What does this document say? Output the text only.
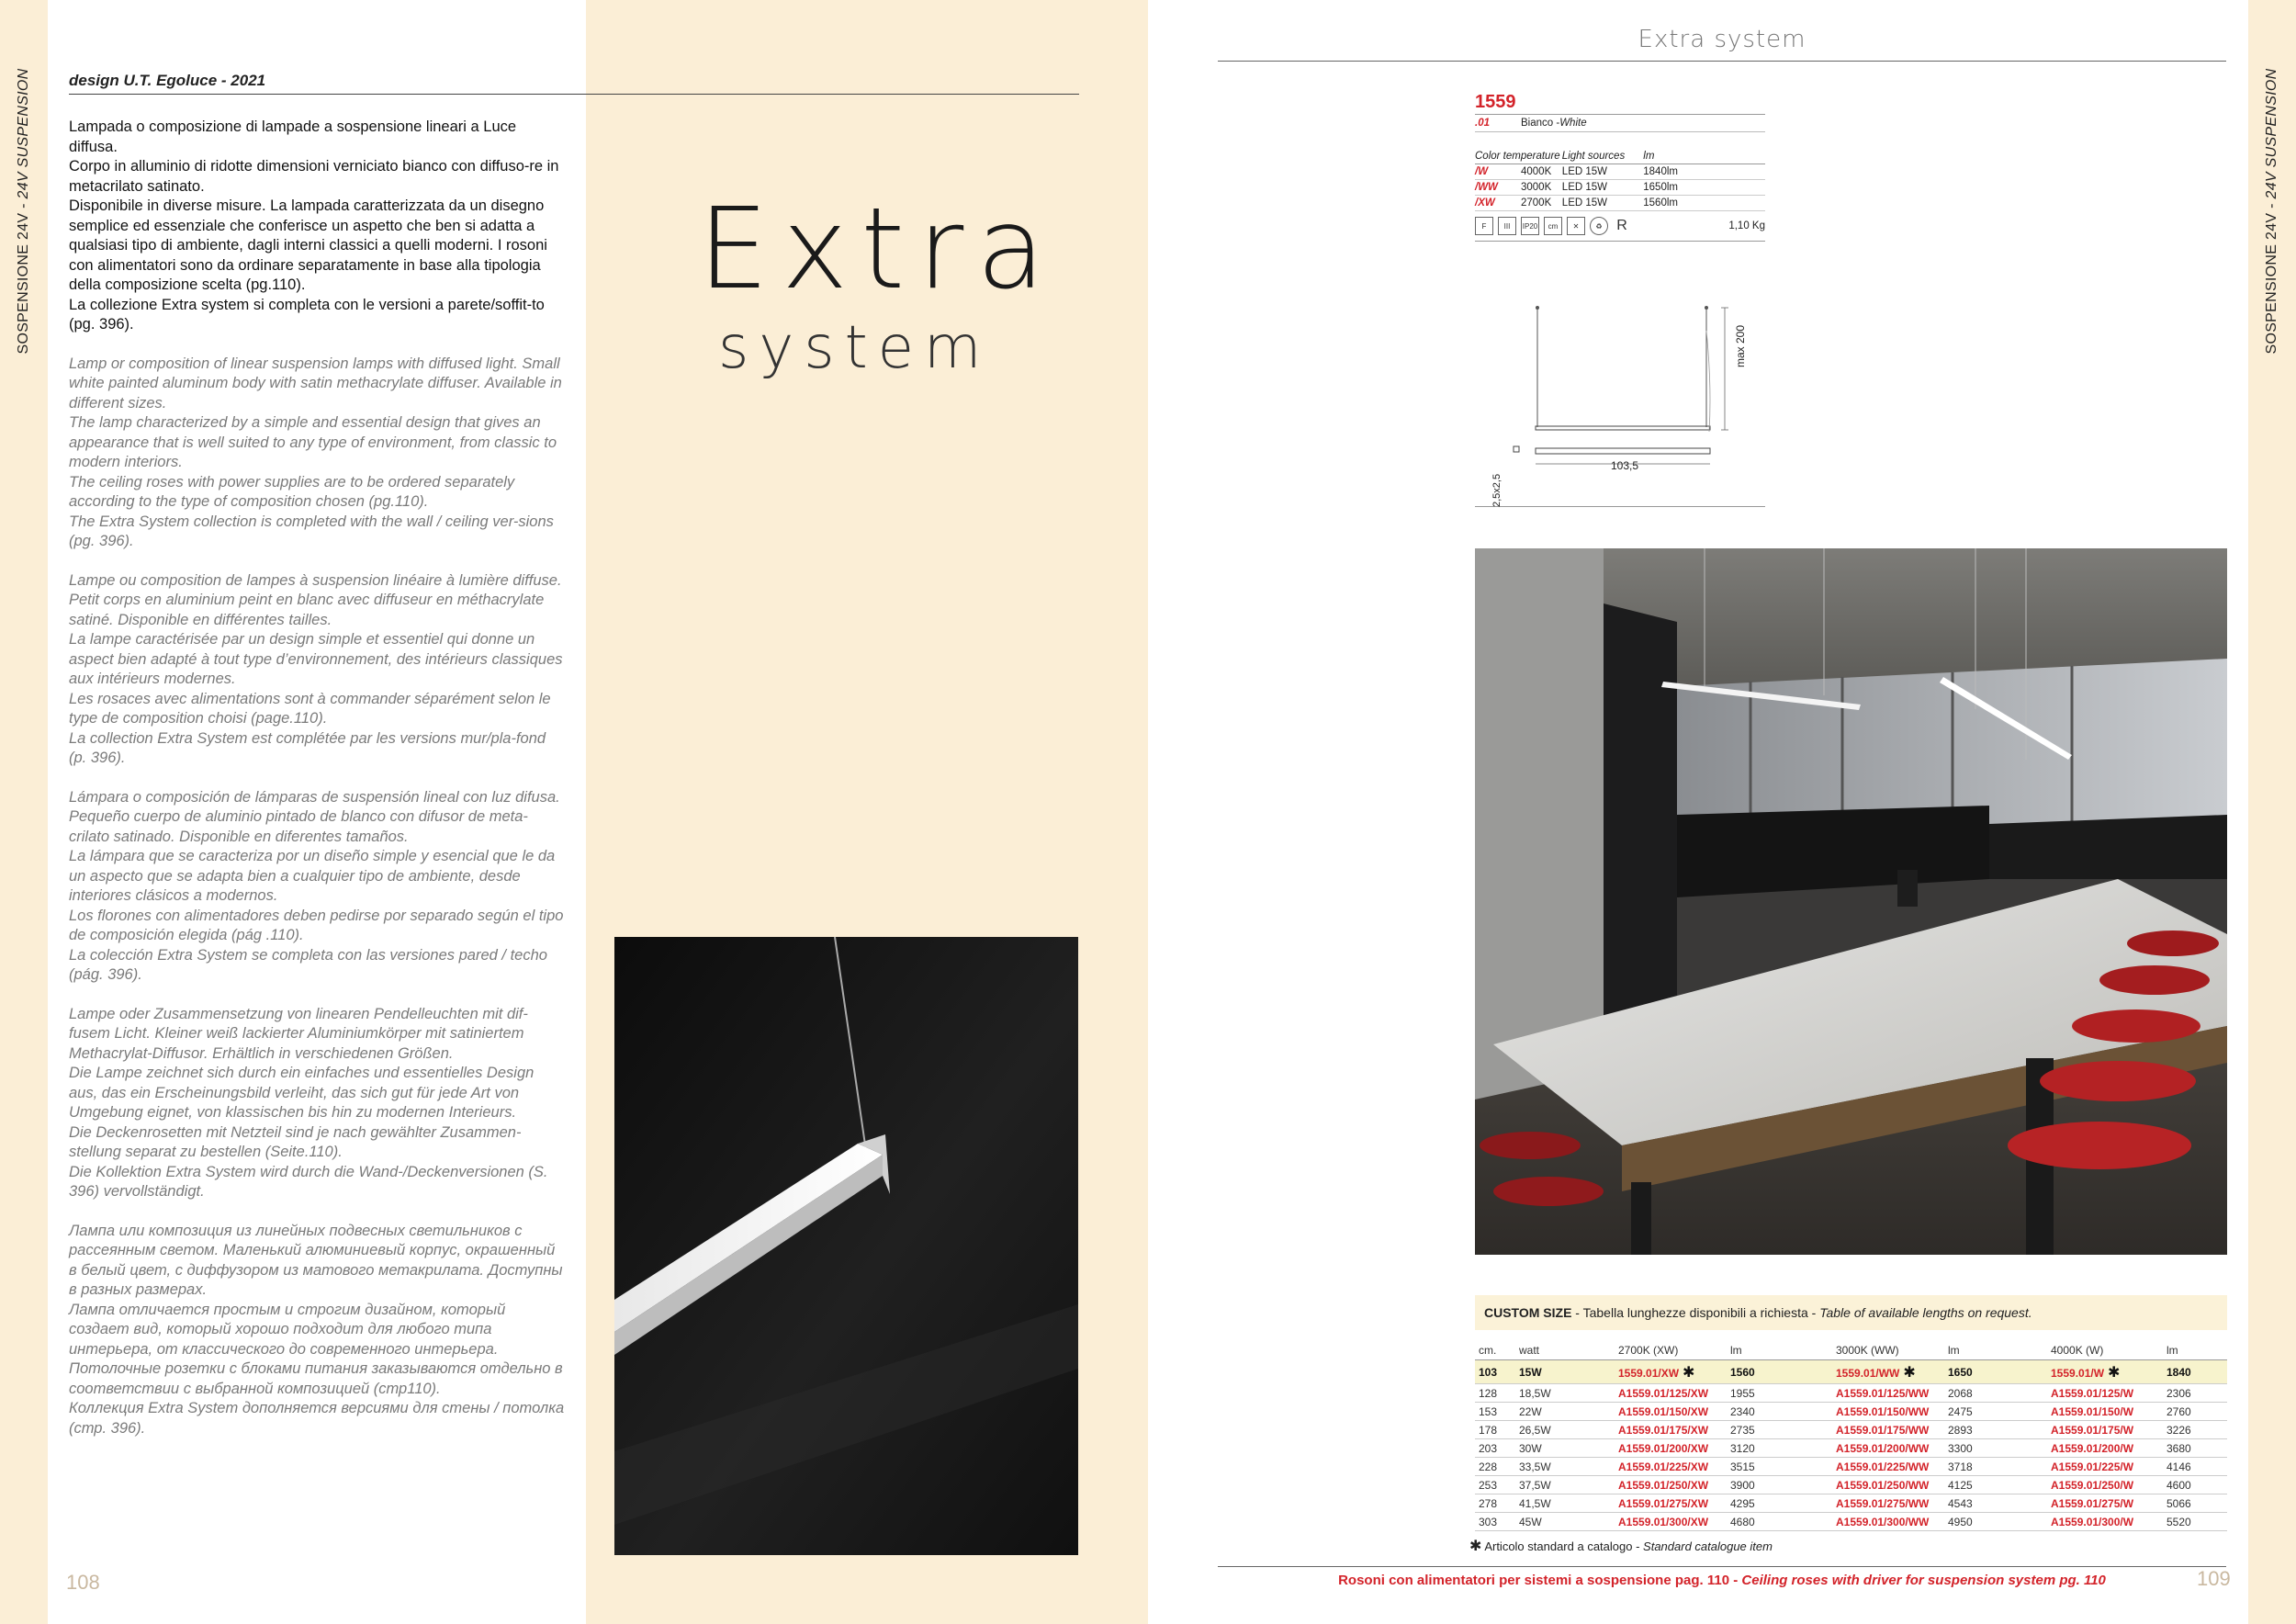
SOSPENSIONE 24V - 24V SUSPENSION
SOSPENSIONE 24V - 24V SUSPENSION
design U.T. Egoluce - 2021

Lampada o composizione di lampade a sospensione lineari a Luce diffusa.
Corpo in alluminio di ridotte dimensioni verniciato bianco con diffuso-re in metacrilato satinato.
Disponibile in diverse misure. La lampada caratterizzata da un disegno semplice ed essenziale che conferisce un aspetto che ben si adatta a qualsiasi tipo di ambiente, dagli interni classici a quelli moderni. I rosoni con alimentatori sono da ordinare separatamente in base alla tipologia della composizione scelta (pg.110).
La collezione Extra system si completa con le versioni a parete/soffit-to (pg. 396).

Lamp or composition of linear suspension lamps with diffused light. Small white painted aluminum body with satin methacrylate diffuser. Available in different sizes.
The lamp characterized by a simple and essential design that gives an appearance that is well suited to any type of environment, from classic to modern interiors.
The ceiling roses with power supplies are to be ordered separately according to the type of composition chosen (pg.110).
The Extra System collection is completed with the wall / ceiling ver-sions (pg. 396).

Lampe ou composition de lampes à suspension linéaire à lumière diffuse. Petit corps en aluminium peint en blanc avec diffuseur en méthacrylate satiné. Disponible en différentes tailles.
La lampe caractérisée par un design simple et essentiel qui donne un aspect bien adapté à tout type d’environnement, des intérieurs classiques aux intérieurs modernes.
Les rosaces avec alimentations sont à commander séparément selon le type de composition choisi (page.110).
La collection Extra System est complétée par les versions mur/pla-fond (p. 396).

Lámpara o composición de lámparas de suspensión lineal con luz difusa.
Pequeño cuerpo de aluminio pintado de blanco con difusor de meta-crilato satinado. Disponible en diferentes tamaños.
La lámpara que se caracteriza por un diseño simple y esencial que le da un aspecto que se adapta bien a cualquier tipo de ambiente, desde interiores clásicos a modernos.
Los florones con alimentadores deben pedirse por separado según el tipo de composición elegida (pág .110).
La colección Extra System se completa con las versiones pared / techo (pág. 396).

Lampe oder Zusammensetzung von linearen Pendelleuchten mit dif-fusem Licht. Kleiner weiß lackierter Aluminiumkörper mit satiniertem Methacrylat-Diffusor. Erhältlich in verschiedenen Größen.
Die Lampe zeichnet sich durch ein einfaches und essentielles Design aus, das ein Erscheinungsbild verleiht, das sich gut für jede Art von Umgebung eignet, von klassischen bis hin zu modernen Interieurs.
Die Deckenrosetten mit Netzteil sind je nach gewählter Zusammen-stellung separat zu bestellen (Seite.110).
Die Kollektion Extra System wird durch die Wand-/Deckenversionen (S. 396) vervollständigt.

Лампа или композиция из линейных подвесных светильников с рассеянным светом. Маленький алюминиевый корпус, окрашенный в белый цвет, с диффузором из матового метакрилата. Доступны в разных размерах.
Лампа отличается простым и строгим дизайном, который создает вид, который хорошо подходит для любого типа интерьера, от классического до современного интерьера.
Потолочные розетки с блоками питания заказываются отдельно в соответствии с выбранной композицией (стр110).
Коллекция Extra System дополняется версиями для стены / потолка (стр. 396).

Extra
system
108
Extra system
1559
.01	Bianco - White
Color temperature	Light sources	lm
/W 4000K	LED 15W	1840lm
/WW 3000K	LED 15W	1650lm
/XW 2700K	LED 15W	1560lm
F	III	IP20	cm	✕	♻ R	1,10 Kg
max 200
103,5
2,5x2,5
CUSTOM SIZE - Tabella lunghezze disponibili a richiesta - Table of available lengths on request.
cm.	watt	2700K (XW)	lm	3000K (WW)	lm	4000K (W)	lm
103	15W	1559.01/XW ✱	1560	1559.01/WW ✱	1650	1559.01/W ✱	1840
128	18,5W	A1559.01/125/XW	1955	A1559.01/125/WW	2068	A1559.01/125/W	2306
153	22W	A1559.01/150/XW	2340	A1559.01/150/WW	2475	A1559.01/150/W	2760
178	26,5W	A1559.01/175/XW	2735	A1559.01/175/WW	2893	A1559.01/175/W	3226
203	30W	A1559.01/200/XW	3120	A1559.01/200/WW	3300	A1559.01/200/W	3680
228	33,5W	A1559.01/225/XW	3515	A1559.01/225/WW	3718	A1559.01/225/W	4146
253	37,5W	A1559.01/250/XW	3900	A1559.01/250/WW	4125	A1559.01/250/W	4600
278	41,5W	A1559.01/275/XW	4295	A1559.01/275/WW	4543	A1559.01/275/W	5066
303	45W	A1559.01/300/XW	4680	A1559.01/300/WW	4950	A1559.01/300/W	5520
✱ Articolo standard a catalogo - Standard catalogue item
Rosoni con alimentatori per sistemi a sospensione pag. 110 - Ceiling roses with driver for suspension system pg. 110	109
